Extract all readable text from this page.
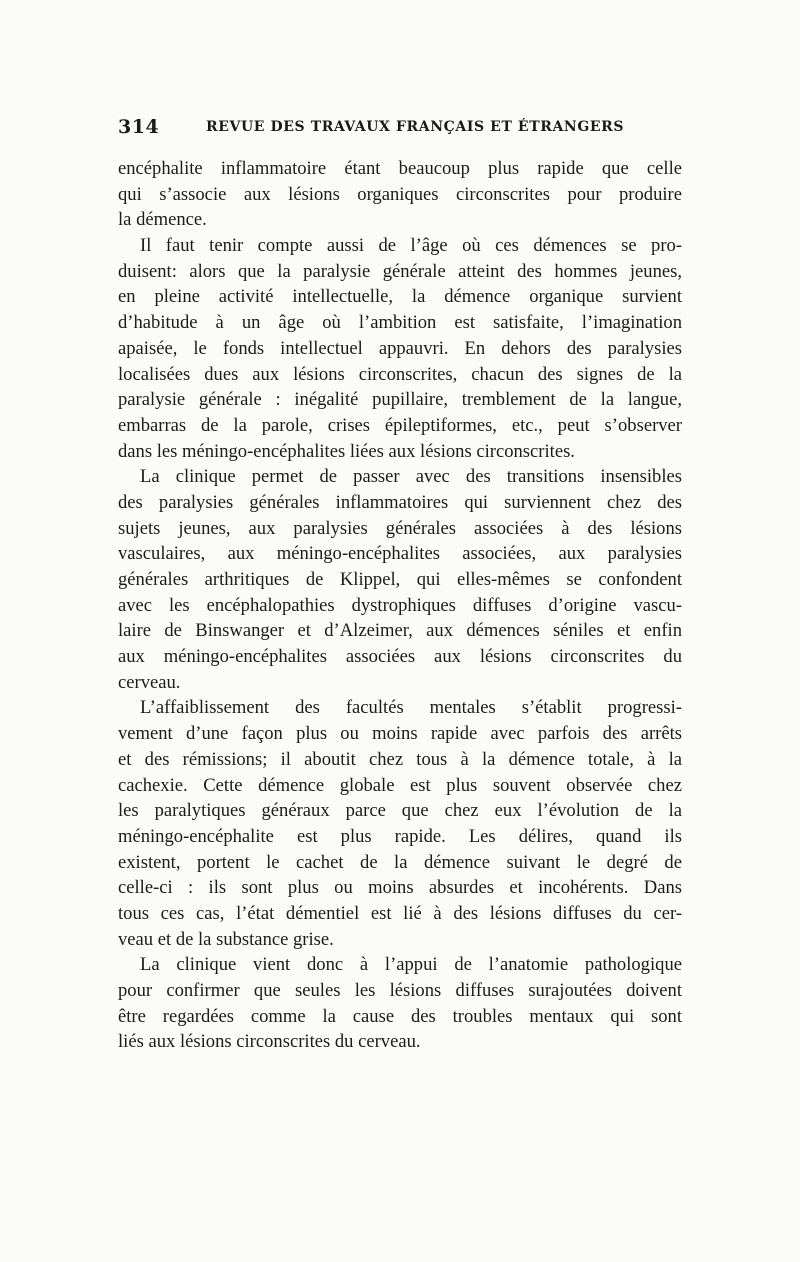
314	REVUE DES TRAVAUX FRANÇAIS ET ÉTRANGERS
encéphalite inflammatoire étant beaucoup plus rapide que celle
qui s’associe aux lésions organiques circonscrites pour produire
la démence.
Il faut tenir compte aussi de l’âge où ces démences se pro-
duisent: alors que la paralysie générale atteint des hommes jeunes,
en pleine activité intellectuelle, la démence organique survient
d’habitude à un âge où l’ambition est satisfaite, l’imagination
apaisée, le fonds intellectuel appauvri. En dehors des paralysies
localisées dues aux lésions circonscrites, chacun des signes de la
paralysie générale : inégalité pupillaire, tremblement de la langue,
embarras de la parole, crises épileptiformes, etc., peut s’observer
dans les méningo-encéphalites liées aux lésions circonscrites.
La clinique permet de passer avec des transitions insensibles
des paralysies générales inflammatoires qui surviennent chez des
sujets jeunes, aux paralysies générales associées à des lésions
vasculaires, aux méningo-encéphalites associées, aux paralysies
générales arthritiques de Klippel, qui elles-mêmes se confondent
avec les encéphalopathies dystrophiques diffuses d’origine vascu-
laire de Binswanger et d’Alzeimer, aux démences séniles et enfin
aux méningo-encéphalites associées aux lésions circonscrites du
cerveau.
L’affaiblissement des facultés mentales s’établit progressi-
vement d’une façon plus ou moins rapide avec parfois des arrêts
et des rémissions; il aboutit chez tous à la démence totale, à la
cachexie. Cette démence globale est plus souvent observée chez
les paralytiques généraux parce que chez eux l’évolution de la
méningo-encéphalite est plus rapide. Les délires, quand ils
existent, portent le cachet de la démence suivant le degré de
celle-ci : ils sont plus ou moins absurdes et incohérents. Dans
tous ces cas, l’état démentiel est lié à des lésions diffuses du cer-
veau et de la substance grise.
La clinique vient donc à l’appui de l’anatomie pathologique
pour confirmer que seules les lésions diffuses surajoutées doivent
être regardées comme la cause des troubles mentaux qui sont
liés aux lésions circonscrites du cerveau.
